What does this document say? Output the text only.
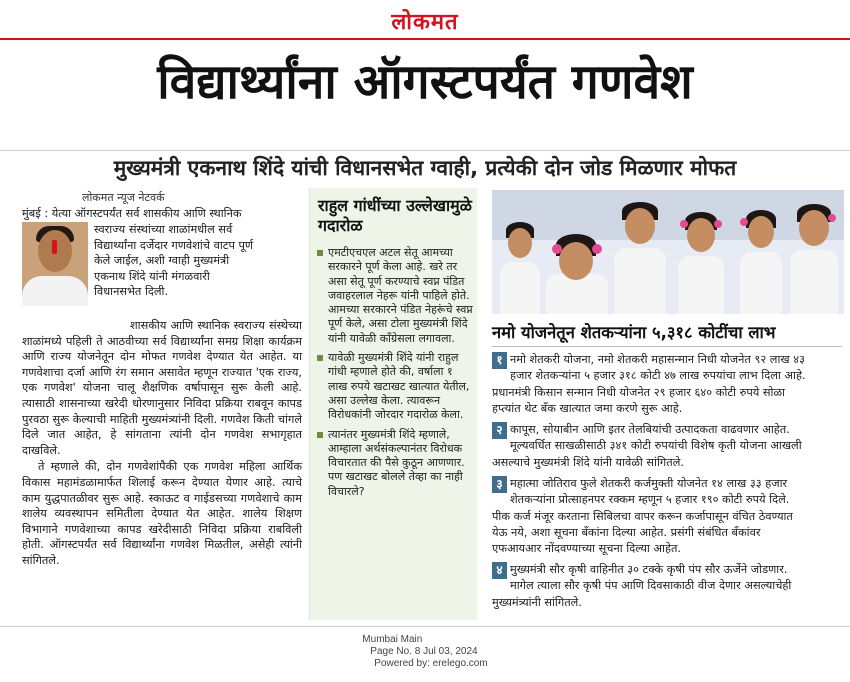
लोकमत
विद्यार्थ्यांना ऑगस्टपर्यंत गणवेश
मुख्यमंत्री एकनाथ शिंदे यांची विधानसभेत ग्वाही, प्रत्येकी दोन जोड मिळणार मोफत
लोकमत न्यूज नेटवर्क

मुंबई : येत्या ऑगस्टपर्यंत सर्व शासकीय आणि स्थानिक

स्वराज्य संस्थांच्या शाळांमधील सर्व

विद्यार्थ्यांना दर्जेदार गणवेशांचे वाटप पूर्ण

केले जाईल, अशी ग्वाही मुख्यमंत्री

एकनाथ शिंदे यांनी मंगळवारी

विधानसभेत दिली.

शासकीय आणि स्थानिक स्वराज्य संस्थेच्या शाळांमध्ये पहिली ते आठवीच्या सर्व विद्यार्थ्यांना समग्र शिक्षा कार्यक्रम आणि राज्य योजनेतून दोन मोफत गणवेश देण्यात येत आहेत. या गणवेशाचा दर्जा आणि रंग समान असावेत म्हणून राज्यात 'एक राज्य, एक गणवेश' योजना चालू शैक्षणिक वर्षापासून सुरू केली आहे. त्यासाठी शासनाच्या खरेदी धोरणानुसार निविदा प्रक्रिया राबवून कापड पुरवठा सुरू केल्याची माहिती मुख्यमंत्र्यांनी दिली. गणवेश किती चांगले दिले जात आहेत, हे सांगताना त्यांनी दोन गणवेश सभागृहात दाखविले.

ते म्हणाले की, दोन गणवेशांपैकी एक गणवेश महिला आर्थिक विकास महामंडळामार्फत शिलाई करून देण्यात येणार आहे. त्याचे काम युद्धपातळीवर सुरू आहे. स्काऊट व गाईडसच्या गणवेशाचे काम शालेय व्यवस्थापन समितीला देण्यात येत आहेत. शालेय शिक्षण विभागाने गणवेशाच्या कापड खरेदीसाठी निविदा प्रक्रिया राबविली होती. ऑगस्टपर्यंत सर्व विद्यार्थ्यांना गणवेश मिळतील, असेही त्यांनी सांगितले.

राहुल गांधींच्या उल्लेखामुळे गदारोळ
एमटीएचएल अटल सेतू आमच्या सरकारने पूर्ण केला आहे. खरे तर असा सेतू पूर्ण करण्याचे स्वप्न पंडित जवाहरलाल नेहरू यांनी पाहिले होते. आमच्या सरकारने पंडित नेहरूंचे स्वप्न पूर्ण केले, असा टोला मुख्यमंत्री शिंदे यांनी यावेळी काँग्रेसला लगावला.
यावेळी मुख्यमंत्री शिंदे यांनी राहुल गांधी म्हणाले होते की, वर्षाला १ लाख रुपये खटाखट खात्यात येतील, असा उल्लेख केला. त्यावरून विरोधकांनी जोरदार गदारोळ केला.
त्यानंतर मुख्यमंत्री शिंदे म्हणाले, आम्हाला अर्थसंकल्पानंतर विरोधक विचारतात की पैसे कुठून आणणार. पण खटाखट बोलले तेव्हा का नाही विचारले?
नमो योजनेतून शेतकऱ्यांना ५,३१८ कोटींचा लाभ
१ नमो शेतकरी योजना, नमो शेतकरी महासन्मान निधी योजनेत ९२ लाख ४३

हजार शेतकऱ्यांना ५ हजार ३१८ कोटी ४७ लाख रुपयांचा लाभ दिला आहे.

प्रधानमंत्री किसान सन्मान निधी योजनेत २९ हजार ६४० कोटी रुपये सोळा

हप्त्यांत थेट बँक खात्यात जमा करणे सुरू आहे.

२ कापूस, सोयाबीन आणि इतर तेलबियांची उत्पादकता वाढवणार आहेत.

मूल्यवर्धित साखळीसाठी ३४१ कोटी रुपयांची विशेष कृती योजना आखली

असल्याचे मुख्यमंत्री शिंदे यांनी यावेळी सांगितले.

३ महात्मा जोतिराव फुले शेतकरी कर्जमुक्ती योजनेत १४ लाख ३३ हजार

शेतकऱ्यांना प्रोत्साहनपर रक्कम म्हणून ५ हजार १९० कोटी रुपये दिले.

पीक कर्ज मंजूर करताना सिबिलचा वापर करून कर्जापासून वंचित ठेवण्यात

येऊ नये, अशा सूचना बँकांना दिल्या आहेत. प्रसंगी संबंधित बँकांवर

एफआयआर नोंदवण्याच्या सूचना दिल्या आहेत.

४ मुख्यमंत्री सौर कृषी वाहिनीत ३० टक्के कृषी पंप सौर ऊर्जेने जोडणार.

मागेल त्याला सौर कृषी पंप आणि दिवसाकाठी वीज देणार असल्याचेही

मुख्यमंत्र्यांनी सांगितले.

Mumbai Main
Page No. 8 Jul 03, 2024
Powered by: erelego.com
